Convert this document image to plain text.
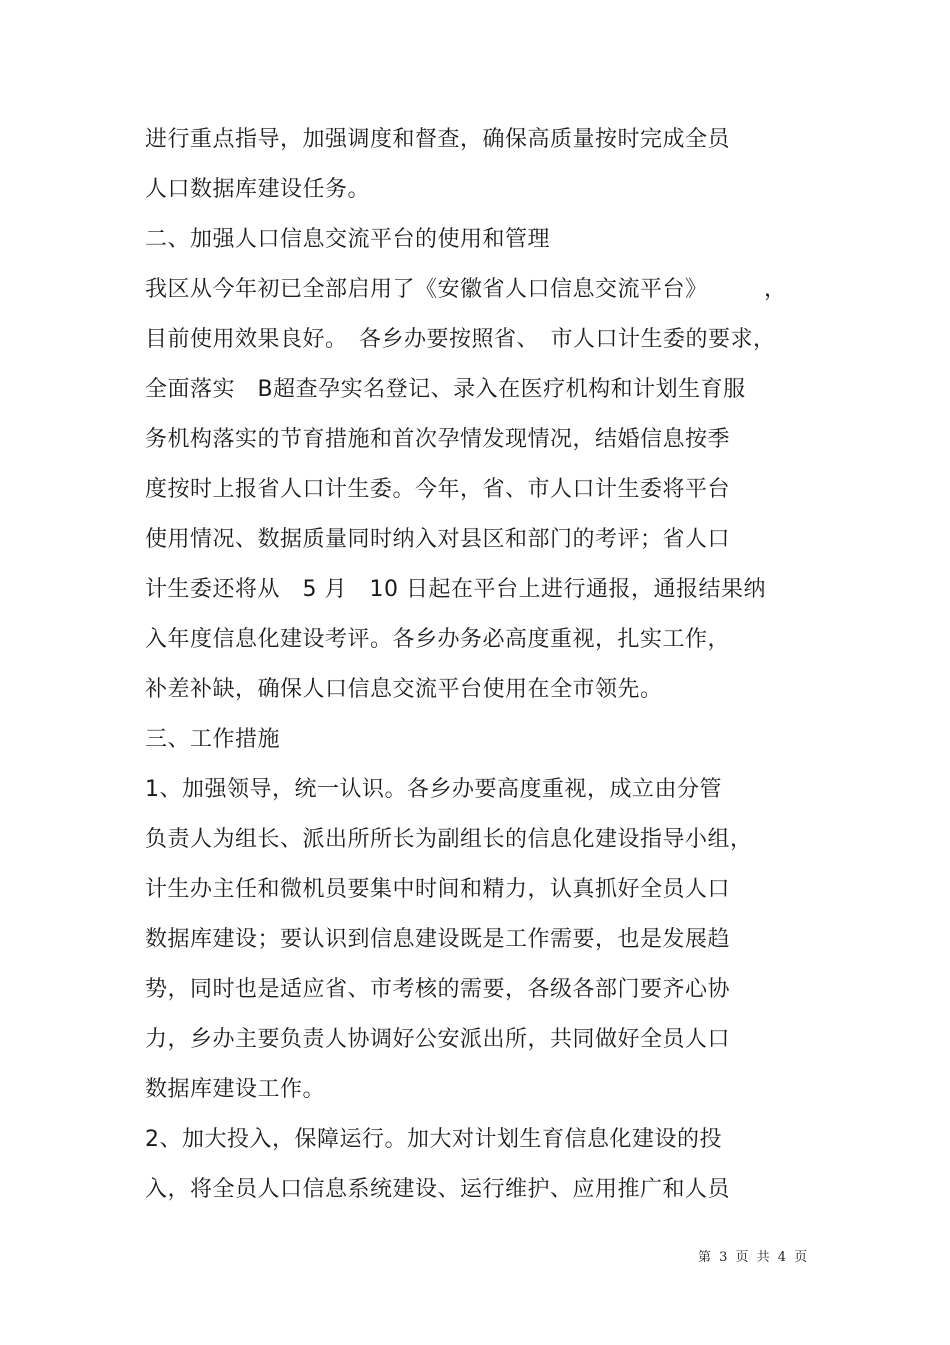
进行重点指导，加强调度和督查，确保高质量按时完成全员

人口数据库建设任务。

二、加强人口信息交流平台的使用和管理

我区从今年初已全部启用了《安徽省人口信息交流平台》　　　，

目前使用效果良好。　各乡办要按照省、　市人口计生委的要求，

全面落实　B超查孕实名登记、录入在医疗机构和计划生育服

务机构落实的节育措施和首次孕情发现情况，结婚信息按季

度按时上报省人口计生委。今年，省、市人口计生委将平台

使用情况、数据质量同时纳入对县区和部门的考评；省人口

计生委还将从　5 月　10 日起在平台上进行通报，通报结果纳

入年度信息化建设考评。各乡办务必高度重视，扎实工作，

补差补缺，确保人口信息交流平台使用在全市领先。

三、工作措施

1、加强领导，统一认识。各乡办要高度重视，成立由分管

负责人为组长、派出所所长为副组长的信息化建设指导小组，

计生办主任和微机员要集中时间和精力，认真抓好全员人口

数据库建设；要认识到信息建设既是工作需要，也是发展趋

势，同时也是适应省、市考核的需要，各级各部门要齐心协

力，乡办主要负责人协调好公安派出所，共同做好全员人口

数据库建设工作。

2、加大投入，保障运行。加大对计划生育信息化建设的投

入，将全员人口信息系统建设、运行维护、应用推广和人员

第 3 页 共 4 页
